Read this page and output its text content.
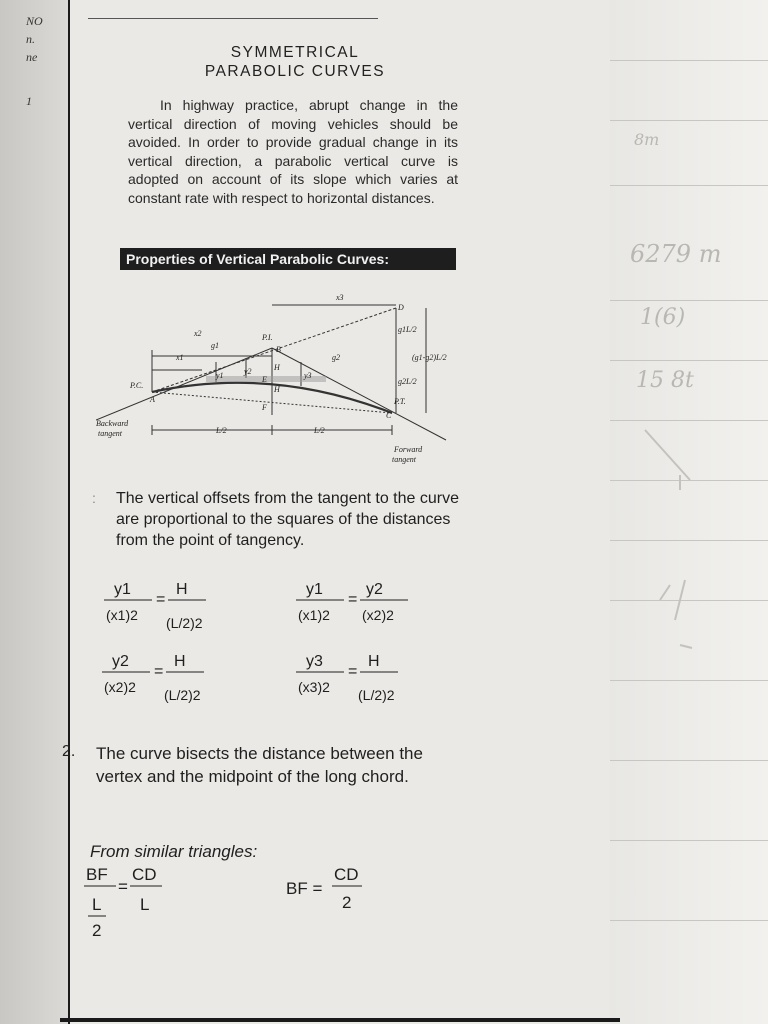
NO
n.
ne
1
8m
6279 m
1(6)
15 8t
SYMMETRICAL
PARABOLIC CURVES
In highway practice, abrupt change in the vertical direction of moving vehicles should be avoided. In order to provide gradual change in its vertical direction, a parabolic vertical curve is adopted on account of its slope which varies at constant rate with respect to horizontal distances.
Properties of Vertical Parabolic Curves:
x3
D
g1L/2
x2	P.I.
B
g1
x1	g2	(g1-g2)L/2
y1	y2	H
E
H
y3
g2L/2
P.C.
A
F
P.T.
C
Backward
tangent	L/2	L/2
Forward
tangent
: The vertical offsets from the tangent to the curve are proportional to the squares of the distances from the point of tangency.
y1
(x1)2
=
H
(L/2)2
y1
(x1)2
=
y2
(x2)2
y2
(x2)2
=
H
(L/2)2
y3
(x3)2
=
H
(L/2)2
2. The curve bisects the distance between the vertex and the midpoint of the long chord.
From similar triangles:
BF
L
2
=
CD
L
BF =
CD
2
